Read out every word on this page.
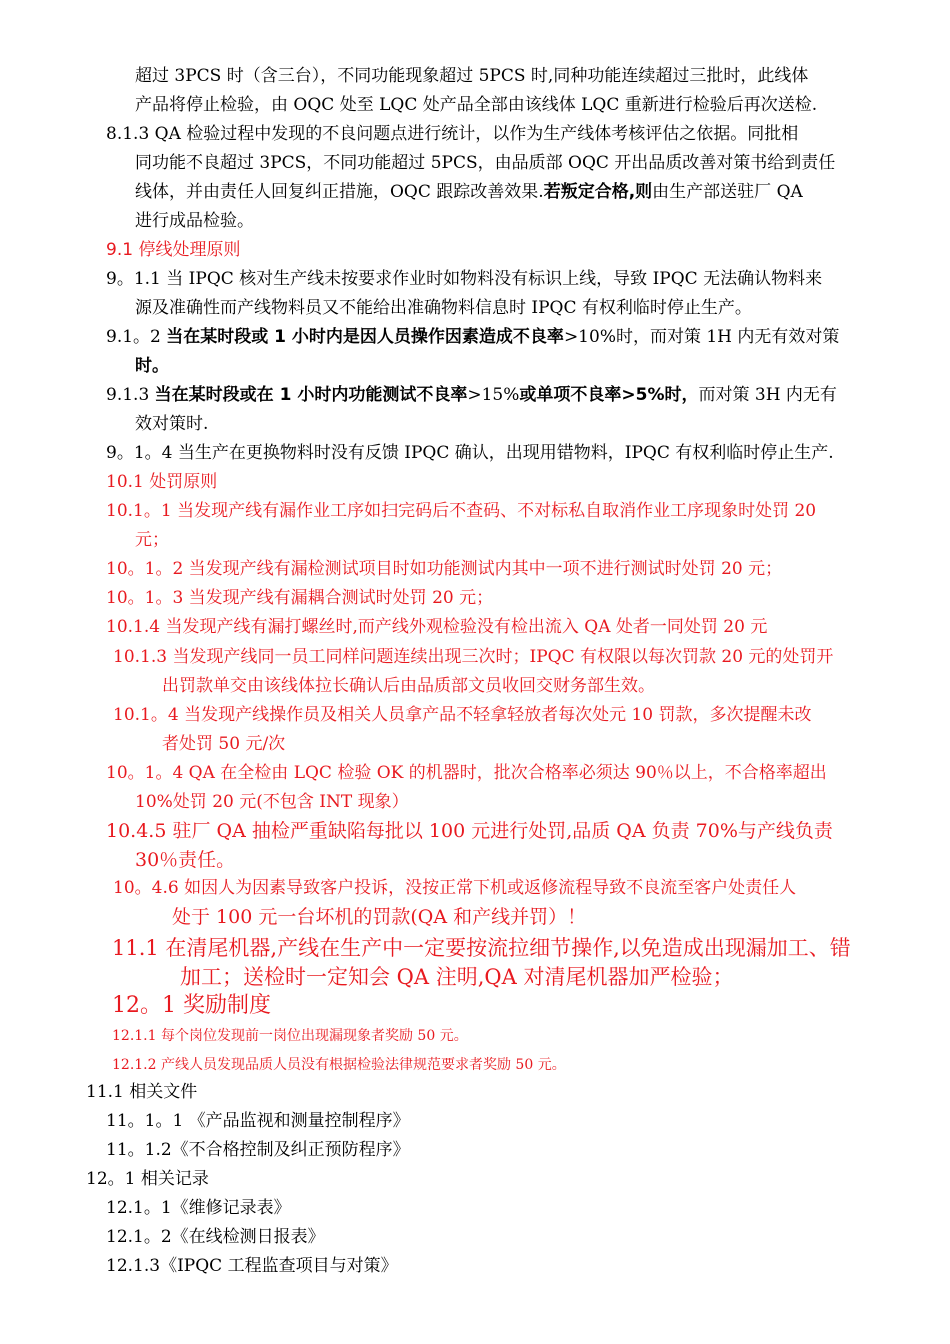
超过 3PCS 时（含三台），不同功能现象超过 5PCS 时,同种功能连续超过三批时，此线体
产品将停止检验，由 OQC 处至 LQC 处产品全部由该线体 LQC 重新进行检验后再次送检.
8.1.3 QA 检验过程中发现的不良问题点进行统计，以作为生产线体考核评估之依据。同批相
同功能不良超过 3PCS，不同功能超过 5PCS，由品质部 OQC 开出品质改善对策书给到责任
线体，并由责任人回复纠正措施，OQC 跟踪改善效果.若叛定合格,则由生产部送驻厂 QA
进行成品检验。
9.1 停线处理原则
9。1.1 当 IPQC 核对生产线未按要求作业时如物料没有标识上线，导致 IPQC 无法确认物料来
源及准确性而产线物料员又不能给出准确物料信息时 IPQC 有权利临时停止生产。
9.1。2 当在某时段或 1 小时内是因人员操作因素造成不良率>10%时，而对策 1H 内无有效对策
时。
9.1.3 当在某时段或在 1 小时内功能测试不良率>15%或单项不良率>5%时，而对策 3H 内无有
效对策时.
9。1。4 当生产在更换物料时没有反馈 IPQC 确认，出现用错物料，IPQC 有权利临时停止生产.
10.1 处罚原则
10.1。1 当发现产线有漏作业工序如扫完码后不查码、不对标私自取消作业工序现象时处罚 20
元；
10。1。2 当发现产线有漏检测试项目时如功能测试内其中一项不进行测试时处罚 20 元；
10。1。3 当发现产线有漏耦合测试时处罚 20 元；
10.1.4 当发现产线有漏打螺丝时,而产线外观检验没有检出流入 QA 处者一同处罚 20 元
10.1.3 当发现产线同一员工同样问题连续出现三次时；IPQC 有权限以每次罚款 20 元的处罚开
出罚款单交由该线体拉长确认后由品质部文员收回交财务部生效。
10.1。4 当发现产线操作员及相关人员拿产品不轻拿轻放者每次处元 10 罚款，多次提醒未改
者处罚 50 元/次
10。1。4 QA 在全检由 LQC 检验 OK 的机器时，批次合格率必须达 90％以上，不合格率超出
10%处罚 20 元(不包含 INT 现象）
10.4.5 驻厂 QA 抽检严重缺陷每批以 100 元进行处罚,品质 QA 负责 70%与产线负责
30％责任。
10。4.6 如因人为因素导致客户投诉，没按正常下机或返修流程导致不良流至客户处责任人
处于 100 元一台坏机的罚款(QA 和产线并罚）！
11.1 在清尾机器,产线在生产中一定要按流拉细节操作,以免造成出现漏加工、错
加工；送检时一定知会 QA 注明,QA 对清尾机器加严检验；
12。1 奖励制度
12.1.1 每个岗位发现前一岗位出现漏现象者奖励 50 元。
12.1.2 产线人员发现品质人员没有根据检验法律规范要求者奖励 50 元。
11.1 相关文件
11。1。1 《产品监视和测量控制程序》
11。1.2《不合格控制及纠正预防程序》
12。1 相关记录
12.1。1《维修记录表》
12.1。2《在线检测日报表》
12.1.3《IPQC 工程监查项目与对策》
